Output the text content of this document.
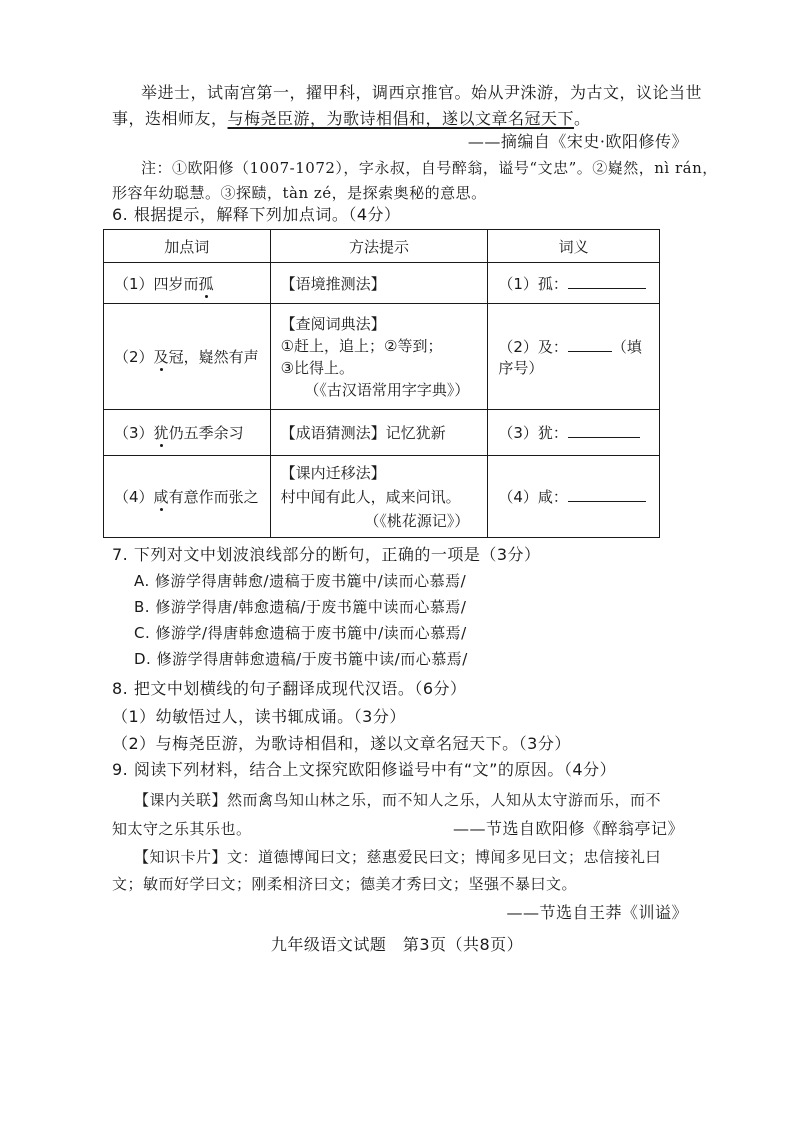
举进士，试南宫第一，擢甲科，调西京推官。始从尹洙游，为古文，议论当世
事，迭相师友，与梅尧臣游，为歌诗相倡和，遂以文章名冠天下。
——摘编自《宋史·欧阳修传》
注：①欧阳修（1007-1072），字永叔，自号醉翁，谥号“文忠”。②嶷然，nì rán，
形容年幼聪慧。③探赜，tàn zé，是探索奥秘的意思。
6. 根据提示，解释下列加点词。（4分）
加点词	方法提示	词义
（1）四岁而孤	【语境推测法】	（1）孤：
（2）及冠，嶷然有声	【查阅词典法】
①赶上，追上；②等到；
③比得上。
（《古汉语常用字字典》）	（2）及： （填序号）
（3）犹仍五季余习	【成语猜测法】记忆犹新	（3）犹：
（4）咸有意作而张之	【课内迁移法】
村中闻有此人，咸来问讯。
（《桃花源记》）	（4）咸：
7. 下列对文中划波浪线部分的断句，正确的一项是（3分）
A. 修游学得唐韩愈/遗稿于废书簏中/读而心慕焉/
B. 修游学得唐/韩愈遗稿/于废书簏中读而心慕焉/
C. 修游学/得唐韩愈遗稿于废书簏中/读而心慕焉/
D. 修游学得唐韩愈遗稿/于废书簏中读/而心慕焉/
8. 把文中划横线的句子翻译成现代汉语。（6分）
（1）幼敏悟过人，读书辄成诵。（3分）
（2）与梅尧臣游，为歌诗相倡和，遂以文章名冠天下。（3分）
9. 阅读下列材料，结合上文探究欧阳修谥号中有“文”的原因。（4分）
【课内关联】然而禽鸟知山林之乐，而不知人之乐，人知从太守游而乐，而不
知太守之乐其乐也。	——节选自欧阳修《醉翁亭记》
【知识卡片】文：道德博闻曰文；慈惠爱民曰文；博闻多见曰文；忠信接礼曰
文；敏而好学曰文；刚柔相济曰文；德美才秀曰文；坚强不暴曰文。
——节选自王莽《训谥》
九年级语文试题　第3页（共8页）
